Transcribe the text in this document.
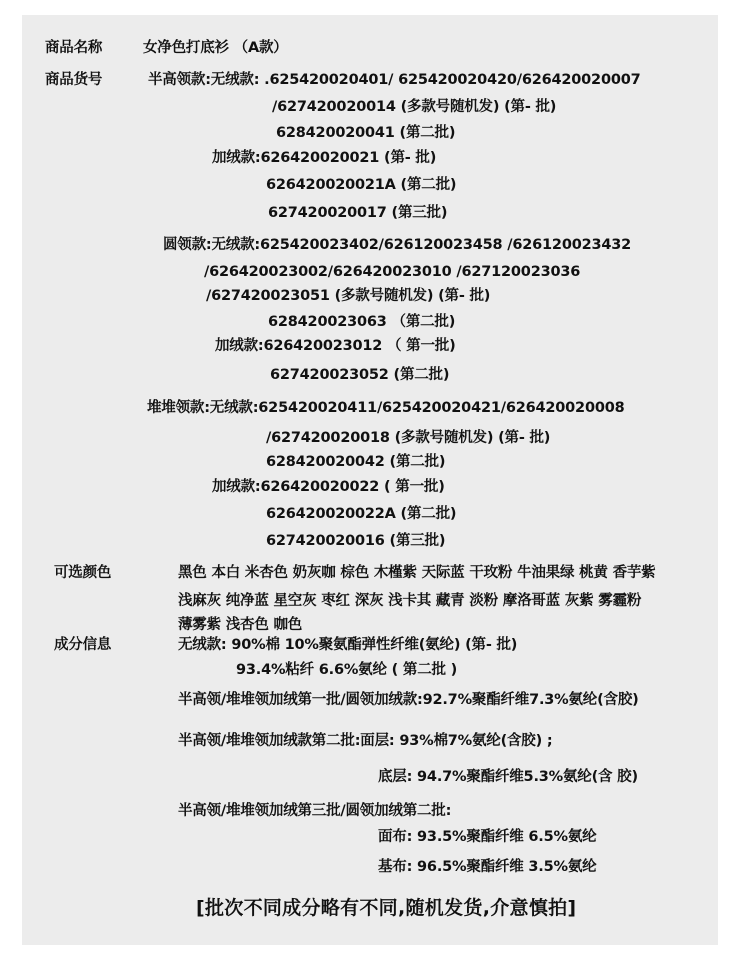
商品名称	女净色打底衫 （A款）
商品货号	半高领款:无绒款: .625420020401/ 625420020420/626420020007
/627420020014 (多款号随机发) (第- 批)
628420020041 (第二批)
加绒款:626420020021 (第- 批)
626420020021A (第二批)
627420020017 (第三批)
圆领款:无绒款:625420023402/626120023458 /626120023432
/626420023002/626420023010 /627120023036
/627420023051 (多款号随机发) (第- 批)
628420023063 （第二批)
加绒款:626420023012 （ 第一批)
627420023052 (第二批)
堆堆领款:无绒款:625420020411/625420020421/626420020008
/627420020018 (多款号随机发) (第- 批)
628420020042 (第二批)
加绒款:626420020022 ( 第一批)
626420020022A (第二批)
627420020016 (第三批)
可选颜色	黑色 本白 米杏色 奶灰咖 棕色 木槿紫 天际蓝 干玫粉 牛油果绿 桃黄 香芋紫
浅麻灰 纯净蓝 星空灰 枣红 深灰 浅卡其 藏青 淡粉 摩洛哥蓝 灰紫 雾霾粉
薄雾紫 浅杏色 咖色
成分信息	无绒款: 90%棉 10%聚氨酯弹性纤维(氨纶) (第- 批)
93.4%粘纤 6.6%氨纶 ( 第二批 )
半高领/堆堆领加绒第一批/圆领加绒款:92.7%聚酯纤维7.3%氨纶(含胶)
半高领/堆堆领加绒款第二批:面层: 93%棉7%氨纶(含胶) ;
底层: 94.7%聚酯纤维5.3%氨纶(含 胶)
半高领/堆堆领加绒第三批/圆领加绒第二批:
面布: 93.5%聚酯纤维 6.5%氨纶
基布: 96.5%聚酯纤维 3.5%氨纶
[批次不同成分略有不同,随机发货,介意慎拍]
